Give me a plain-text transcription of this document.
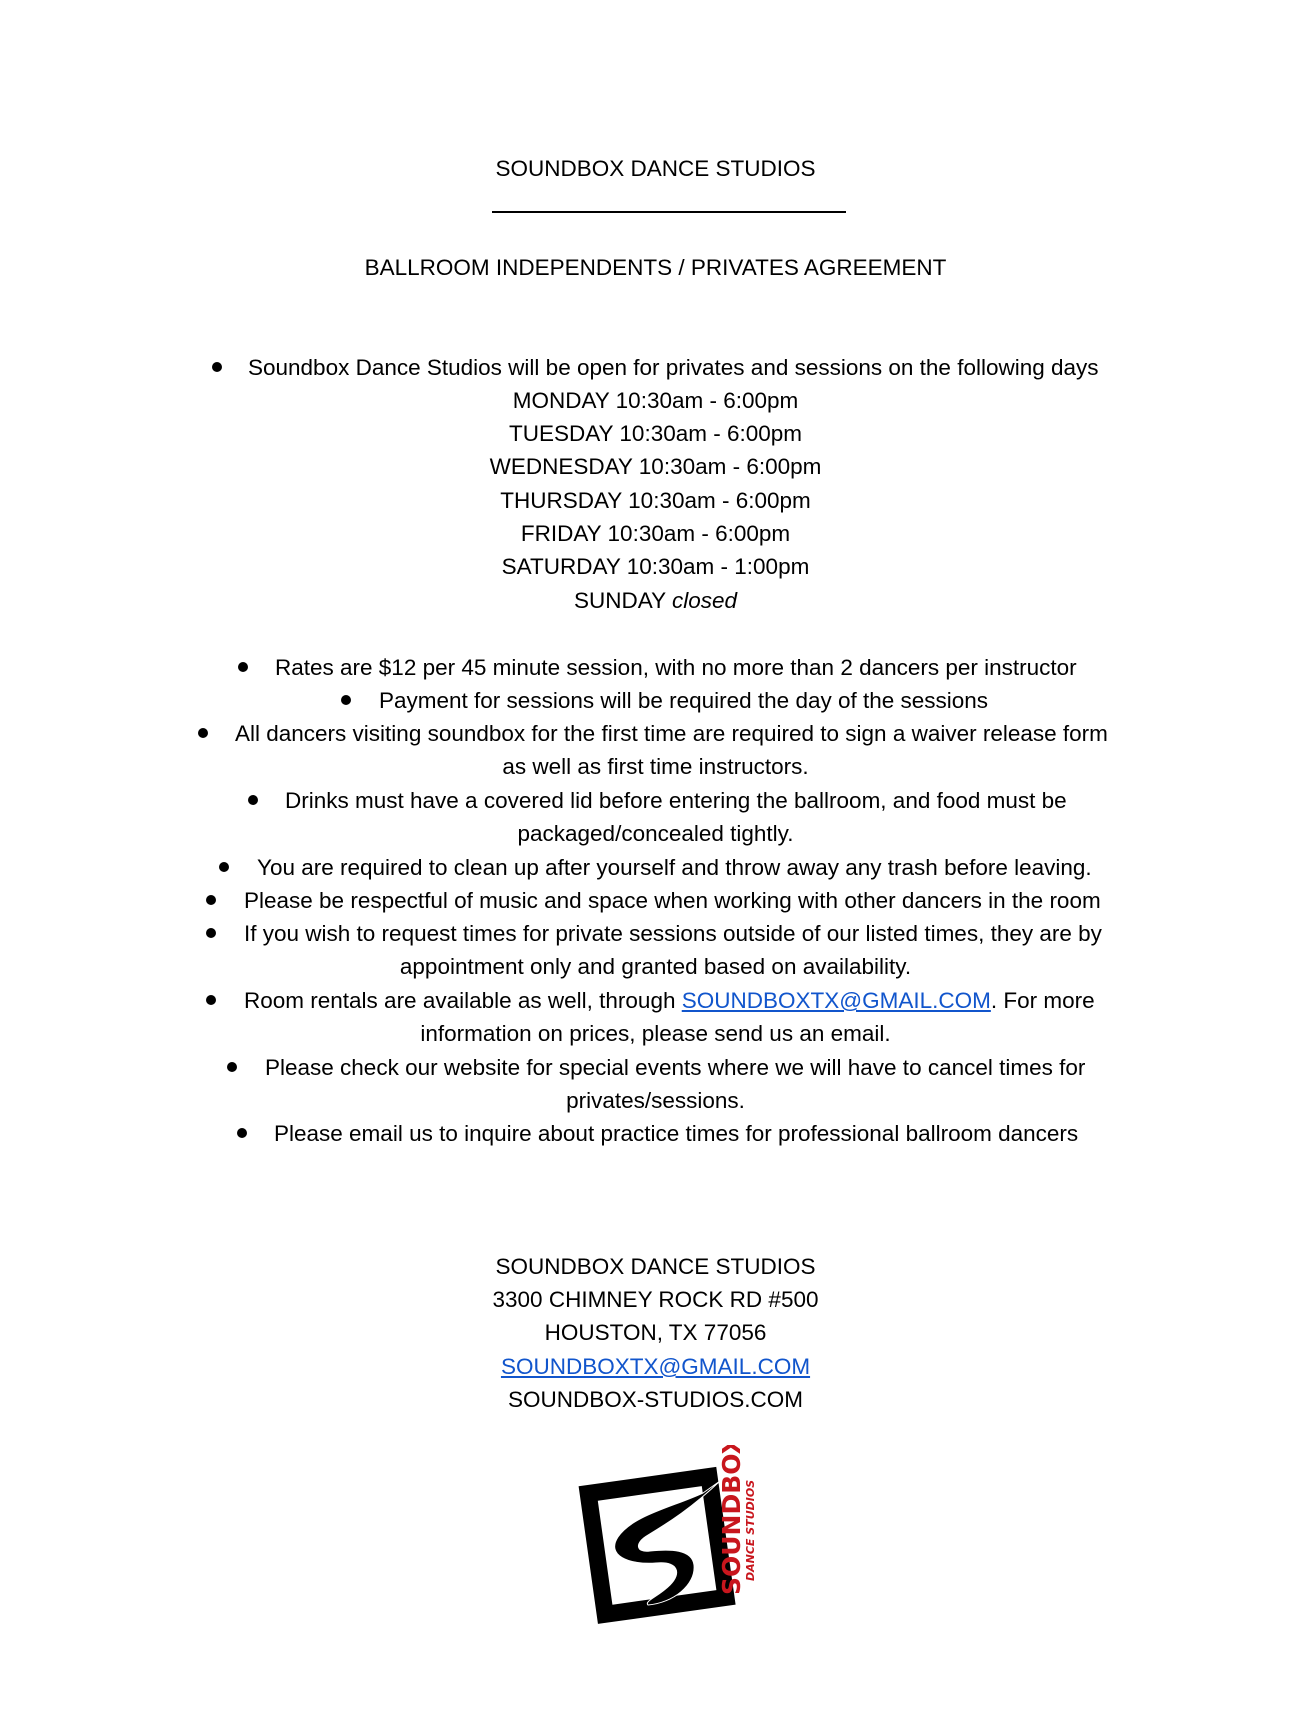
SOUNDBOX DANCE STUDIOS
BALLROOM INDEPENDENTS / PRIVATES AGREEMENT
Soundbox Dance Studios will be open for privates and sessions on the following days
MONDAY 10:30am - 6:00pm
TUESDAY 10:30am - 6:00pm
WEDNESDAY 10:30am - 6:00pm
THURSDAY 10:30am - 6:00pm
FRIDAY 10:30am - 6:00pm
SATURDAY 10:30am - 1:00pm
SUNDAY closed
Rates are $12 per 45 minute session, with no more than 2 dancers per instructor
Payment for sessions will be required the day of the sessions
All dancers visiting soundbox for the first time are required to sign a waiver release form
as well as first time instructors.
Drinks must have a covered lid before entering the ballroom, and food must be
packaged/concealed tightly.
You are required to clean up after yourself and throw away any trash before leaving.
Please be respectful of music and space when working with other dancers in the room
If you wish to request times for private sessions outside of our listed times, they are by
appointment only and granted based on availability.
Room rentals are available as well, through SOUNDBOXTX@GMAIL.COM. For more
information on prices, please send us an email.
Please check our website for special events where we will have to cancel times for
privates/sessions.
Please email us to inquire about practice times for professional ballroom dancers
SOUNDBOX DANCE STUDIOS
3300 CHIMNEY ROCK RD #500
HOUSTON, TX 77056
SOUNDBOXTX@GMAIL.COM
SOUNDBOX-STUDIOS.COM
SOUNDBOX
DANCE STUDIOS
